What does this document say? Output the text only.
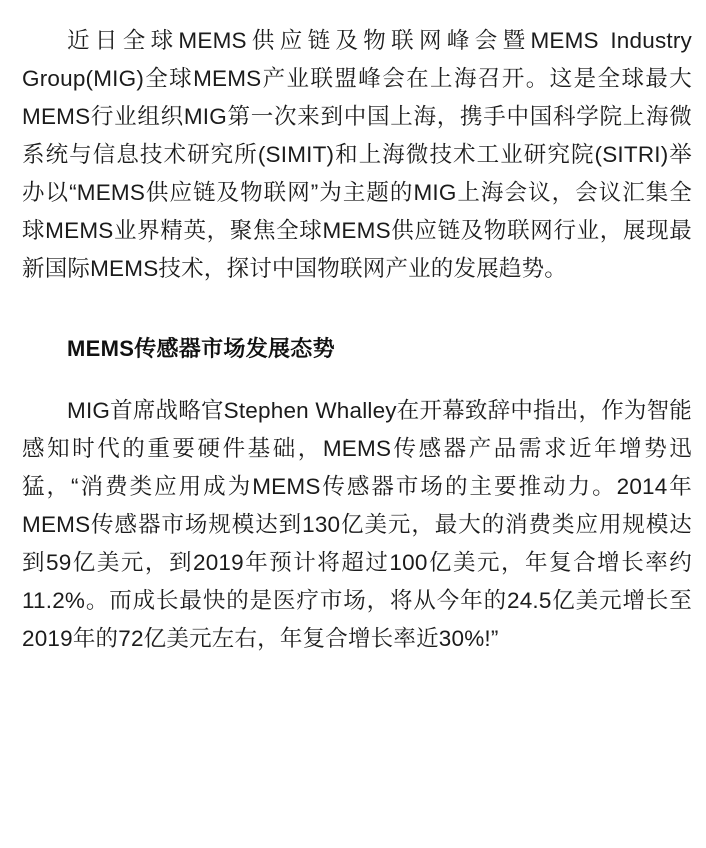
近日全球MEMS供应链及物联网峰会暨MEMS Industry Group(MIG)全球MEMS产业联盟峰会在上海召开。这是全球最大MEMS行业组织MIG第一次来到中国上海，携手中国科学院上海微系统与信息技术研究所(SIMIT)和上海微技术工业研究院(SITRI)举办以“MEMS供应链及物联网”为主题的MIG上海会议，会议汇集全球MEMS业界精英，聚焦全球MEMS供应链及物联网行业，展现最新国际MEMS技术，探讨中国物联网产业的发展趋势。

MEMS传感器市场发展态势

MIG首席战略官Stephen Whalley在开幕致辞中指出，作为智能感知时代的重要硬件基础，MEMS传感器产品需求近年增势迅猛，“消费类应用成为MEMS传感器市场的主要推动力。2014年MEMS传感器市场规模达到130亿美元，最大的消费类应用规模达到59亿美元，到2019年预计将超过100亿美元，年复合增长率约11.2%。而成长最快的是医疗市场，将从今年的24.5亿美元增长至2019年的72亿美元左右，年复合增长率近30%!”
